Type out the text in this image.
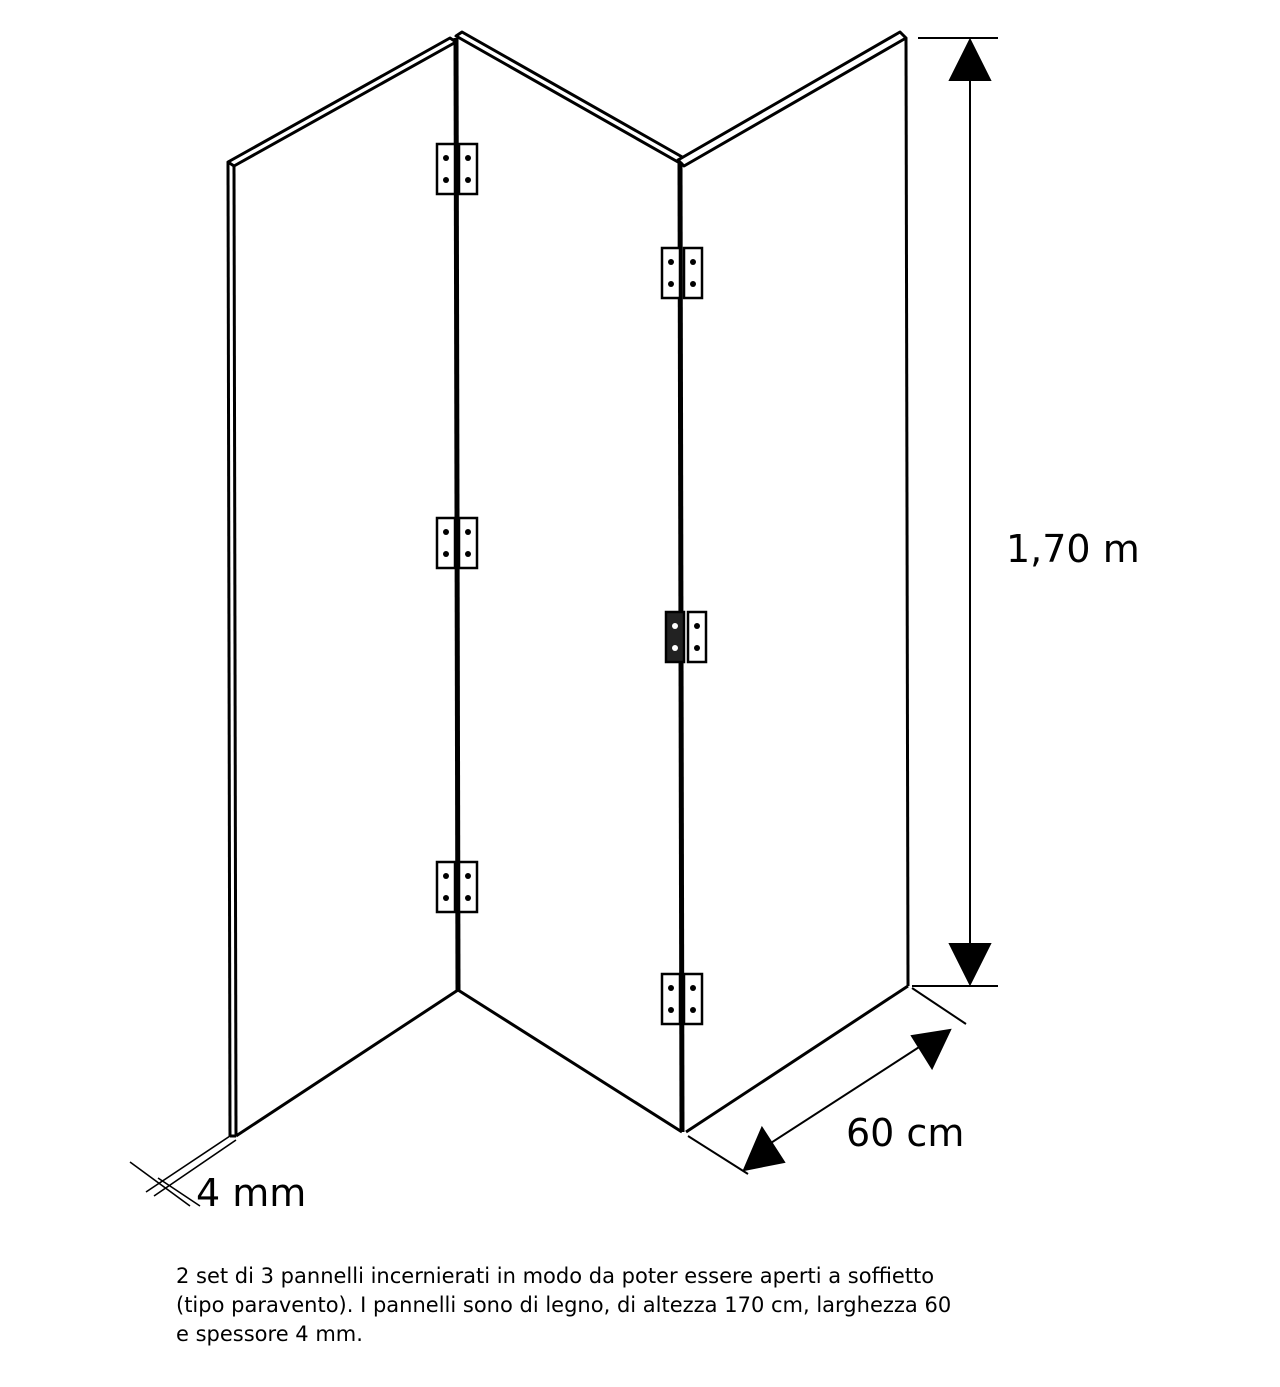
1,70 m
60 cm
4 mm

2 set di 3 pannelli incernierati in modo da poter essere aperti a soffietto
(tipo paravento). I pannelli sono di legno, di altezza 170 cm, larghezza 60
e spessore 4 mm.
